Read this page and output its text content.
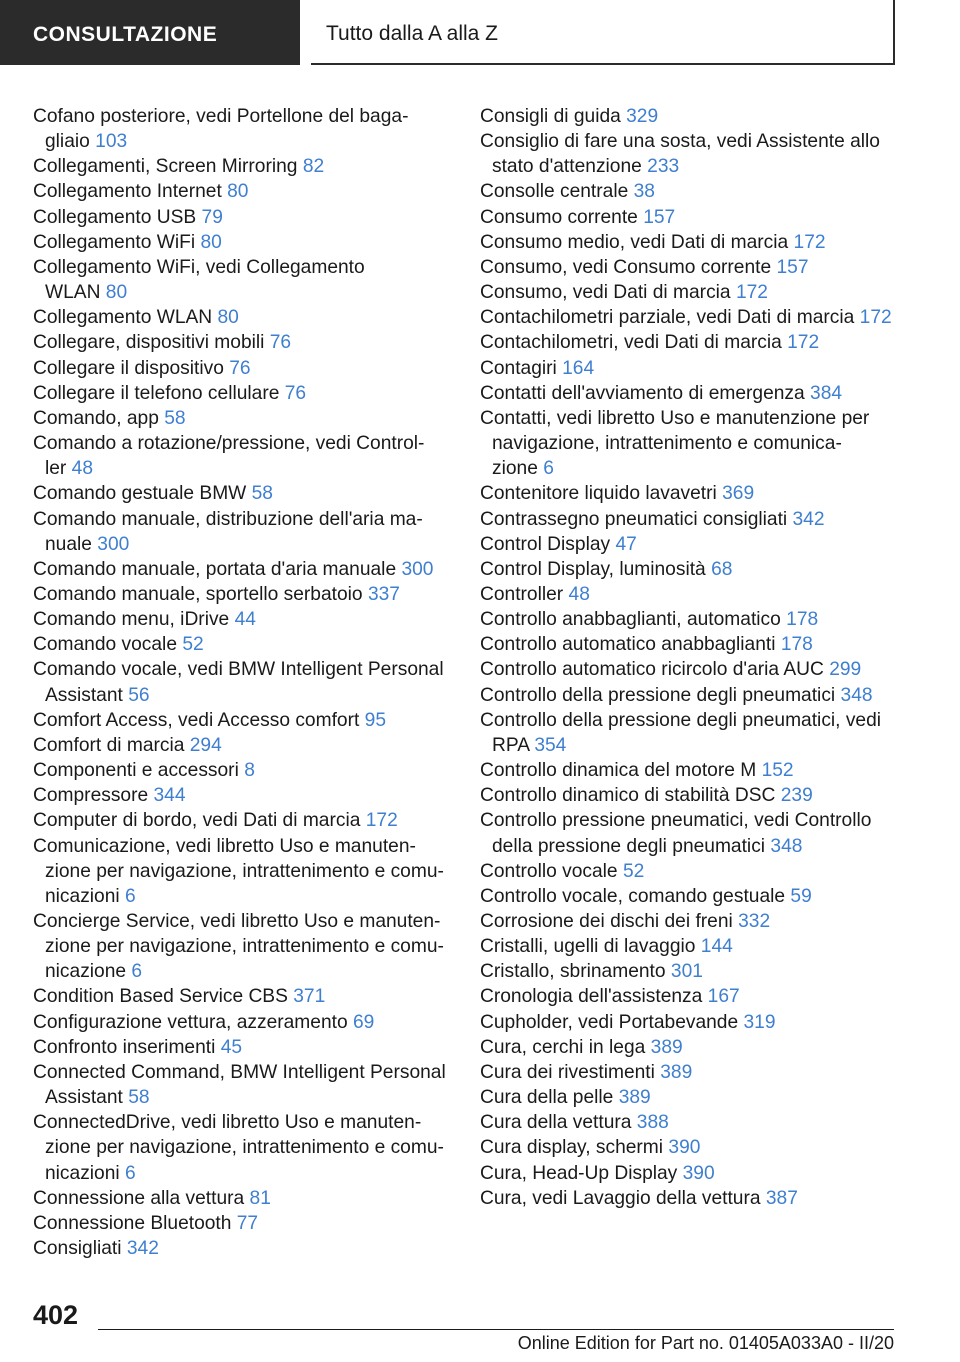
CONSULTAZIONE	Tutto dalla A alla Z
Cofano posteriore, vedi Portellone del baga-
gliaio 103
Collegamenti, Screen Mirroring 82
Collegamento Internet 80
Collegamento USB 79
Collegamento WiFi 80
Collegamento WiFi, vedi Collegamento
WLAN 80
Collegamento WLAN 80
Collegare, dispositivi mobili 76
Collegare il dispositivo 76
Collegare il telefono cellulare 76
Comando, app 58
Comando a rotazione/pressione, vedi Control-
ler 48
Comando gestuale BMW 58
Comando manuale, distribuzione dell'aria ma-
nuale 300
Comando manuale, portata d'aria manuale 300
Comando manuale, sportello serbatoio 337
Comando menu, iDrive 44
Comando vocale 52
Comando vocale, vedi BMW Intelligent Personal
Assistant 56
Comfort Access, vedi Accesso comfort 95
Comfort di marcia 294
Componenti e accessori 8
Compressore 344
Computer di bordo, vedi Dati di marcia 172
Comunicazione, vedi libretto Uso e manuten-
zione per navigazione, intrattenimento e comu-
nicazioni 6
Concierge Service, vedi libretto Uso e manuten-
zione per navigazione, intrattenimento e comu-
nicazione 6
Condition Based Service CBS 371
Configurazione vettura, azzeramento 69
Confronto inserimenti 45
Connected Command, BMW Intelligent Personal
Assistant 58
ConnectedDrive, vedi libretto Uso e manuten-
zione per navigazione, intrattenimento e comu-
nicazioni 6
Connessione alla vettura 81
Connessione Bluetooth 77
Consigliati 342
Consigli di guida 329
Consiglio di fare una sosta, vedi Assistente allo
stato d'attenzione 233
Consolle centrale 38
Consumo corrente 157
Consumo medio, vedi Dati di marcia 172
Consumo, vedi Consumo corrente 157
Consumo, vedi Dati di marcia 172
Contachilometri parziale, vedi Dati di marcia 172
Contachilometri, vedi Dati di marcia 172
Contagiri 164
Contatti dell'avviamento di emergenza 384
Contatti, vedi libretto Uso e manutenzione per
navigazione, intrattenimento e comunica-
zione 6
Contenitore liquido lavavetri 369
Contrassegno pneumatici consigliati 342
Control Display 47
Control Display, luminosità 68
Controller 48
Controllo anabbaglianti, automatico 178
Controllo automatico anabbaglianti 178
Controllo automatico ricircolo d'aria AUC 299
Controllo della pressione degli pneumatici 348
Controllo della pressione degli pneumatici, vedi
RPA 354
Controllo dinamica del motore M 152
Controllo dinamico di stabilità DSC 239
Controllo pressione pneumatici, vedi Controllo
della pressione degli pneumatici 348
Controllo vocale 52
Controllo vocale, comando gestuale 59
Corrosione dei dischi dei freni 332
Cristalli, ugelli di lavaggio 144
Cristallo, sbrinamento 301
Cronologia dell'assistenza 167
Cupholder, vedi Portabevande 319
Cura, cerchi in lega 389
Cura dei rivestimenti 389
Cura della pelle 389
Cura della vettura 388
Cura display, schermi 390
Cura, Head-Up Display 390
Cura, vedi Lavaggio della vettura 387
402
Online Edition for Part no. 01405A033A0 - II/20
